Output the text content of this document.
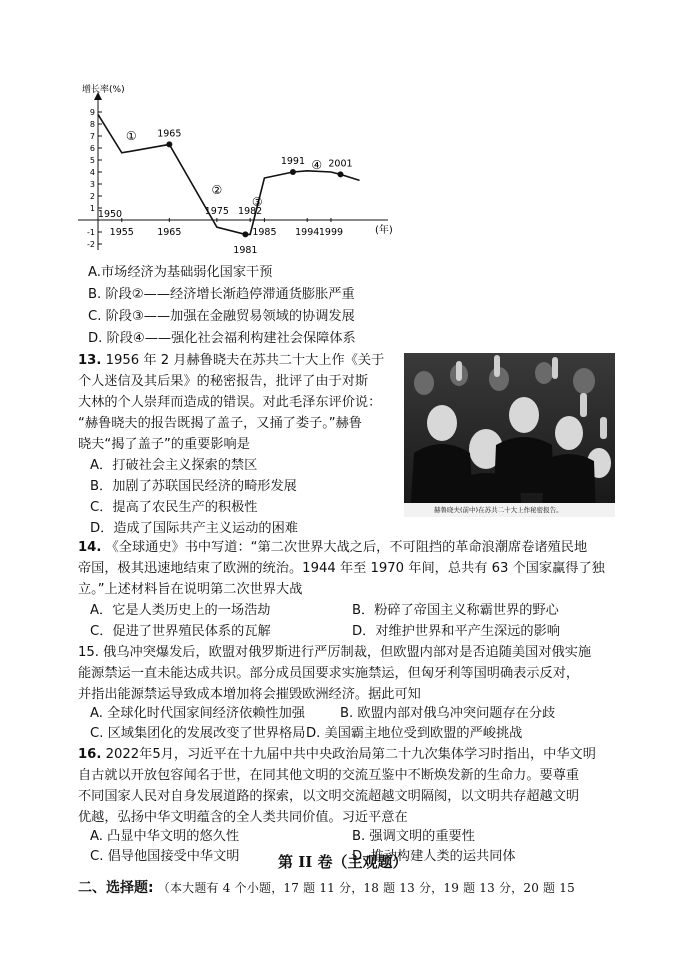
9
8
7
6
5
4
3
2
1
-1
-2
1955 1965
1975 1982
1985 1994 1999
1950
1981
1965
1991 2001
①
②
③
④
增长率(%)
(年)
A.市场经济为基础弱化国家干预
B. 阶段②——经济增长渐趋停滞通货膨胀严重
C. 阶段③——加强在金融贸易领域的协调发展
D. 阶段④——强化社会福利构建社会保障体系
13. 1956 年 2 月赫鲁晓夫在苏共二十大上作《关于
个人迷信及其后果》的秘密报告，批评了由于对斯
大林的个人崇拜而造成的错误。对此毛泽东评价说：
“赫鲁晓夫的报告既揭了盖子，又捅了娄子。”赫鲁
晓夫“揭了盖子”的重要影响是
A．打破社会主义探索的禁区
B．加剧了苏联国民经济的畸形发展
C．提高了农民生产的积极性
D．造成了国际共产主义运动的困难
赫鲁晓夫(前中)在苏共二十大上作秘密报告。
14. 《全球通史》书中写道：“第二次世界大战之后，不可阻挡的革命浪潮席卷诸殖民地
帝国，极其迅速地结束了欧洲的统治。1944 年至 1970 年间，总共有 63 个国家赢得了独
立。”上述材料旨在说明第二次世界大战
A．它是人类历史上的一场浩劫	B．粉碎了帝国主义称霸世界的野心
C．促进了世界殖民体系的瓦解	D．对维护世界和平产生深远的影响
15. 俄乌冲突爆发后，欧盟对俄罗斯进行严厉制裁，但欧盟内部对是否追随美国对俄实施
能源禁运一直未能达成共识。部分成员国要求实施禁运，但匈牙利等国明确表示反对，
并指出能源禁运导致成本增加将会摧毁欧洲经济。据此可知
A. 全球化时代国家间经济依赖性加强	B. 欧盟内部对俄乌冲突问题存在分歧
C. 区域集团化的发展改变了世界格局 D. 美国霸主地位受到欧盟的严峻挑战
16. 2022年5月，习近平在十九届中共中央政治局第二十九次集体学习时指出，中华文明
自古就以开放包容闻名于世，在同其他文明的交流互鉴中不断焕发新的生命力。要尊重
不同国家人民对自身发展道路的探索，以文明交流超越文明隔阂，以文明共存超越文明
优越，弘扬中华文明蕴含的全人类共同价值。习近平意在
A. 凸显中华文明的悠久性	B. 强调文明的重要性
C. 倡导他国接受中华文明	D. 推动构建人类的运共同体
第 II 卷（主观题）
二、选择题: （本大题有 4 个小题，17 题 11 分，18 题 13 分，19 题 13 分，20 题 15
